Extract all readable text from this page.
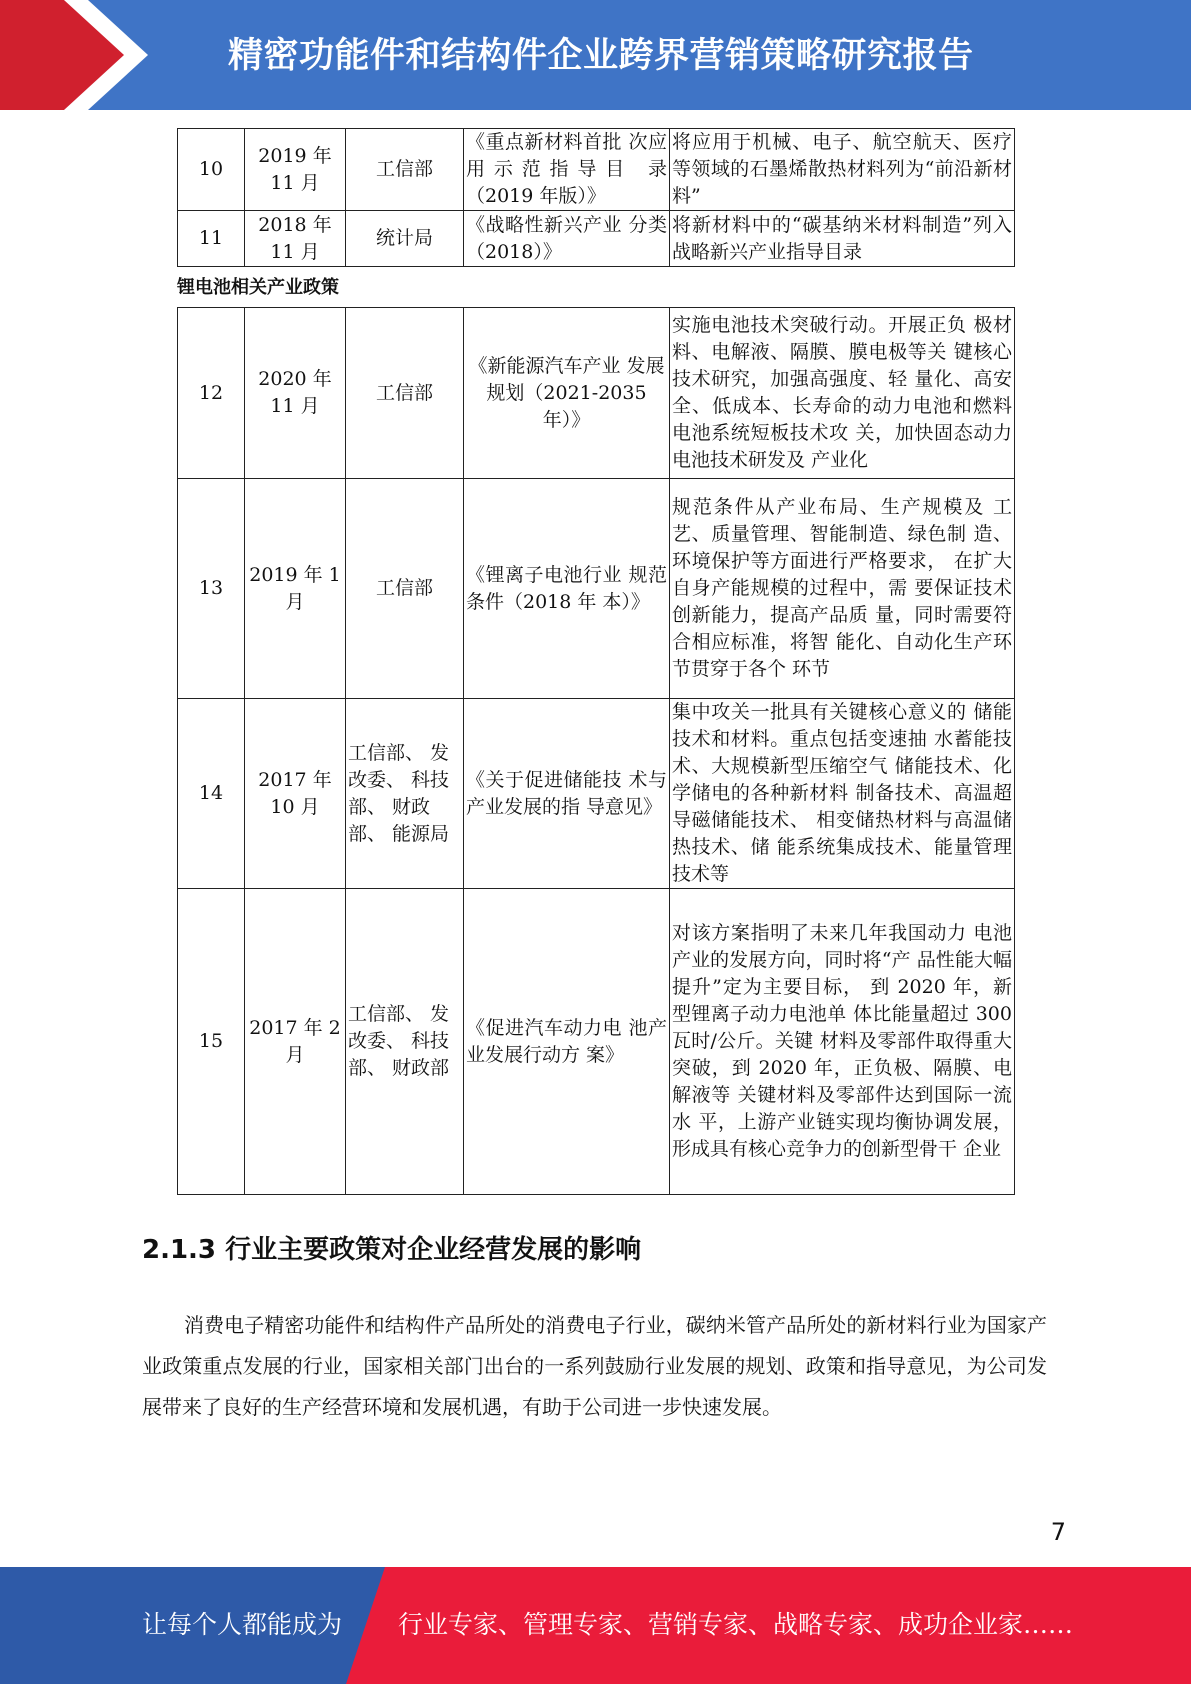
精密功能件和结构件企业跨界营销策略研究报告
10	2019 年 11 月	工信部	《重点新材料首批 次应用示范指导目 录（2019 年版）》	将应用于机械、电子、航空航天、医疗等领域的石墨烯散热材料列为“前沿新材料”
11	2018 年 11 月	统计局	《战略性新兴产业 分类（2018）》	将新材料中的“碳基纳米材料制造”列入战略新兴产业指导目录
锂电池相关产业政策
12	2020 年 11 月	工信部	《新能源汽车产业 发展规划（2021-2035 年）》	实施电池技术突破行动。开展正负 极材料、电解液、隔膜、膜电极等关 键核心技术研究，加强高强度、轻 量化、高安全、低成本、长寿命的动力电池和燃料电池系统短板技术攻 关，加快固态动力电池技术研发及 产业化
13	2019 年 1 月	工信部	《锂离子电池行业 规范条件（2018 年 本）》	规范条件从产业布局、生产规模及 工艺、质量管理、智能制造、绿色制 造、环境保护等方面进行严格要求， 在扩大自身产能规模的过程中，需 要保证技术创新能力，提高产品质 量，同时需要符合相应标准，将智 能化、自动化生产环节贯穿于各个 环节
14	2017 年 10 月	工信部、 发改委、 科技部、 财政部、 能源局	《关于促进储能技 术与产业发展的指 导意见》	集中攻关一批具有关键核心意义的 储能技术和材料。重点包括变速抽 水蓄能技术、大规模新型压缩空气 储能技术、化学储电的各种新材料 制备技术、高温超导磁储能技术、 相变储热材料与高温储热技术、储 能系统集成技术、能量管理技术等
15	2017 年 2 月	工信部、 发改委、 科技部、 财政部	《促进汽车动力电 池产业发展行动方 案》	对该方案指明了未来几年我国动力 电池产业的发展方向，同时将“产 品性能大幅提升”定为主要目标， 到 2020 年，新型锂离子动力电池单 体比能量超过 300 瓦时/公斤。关键 材料及零部件取得重大突破，到 2020 年，正负极、隔膜、电解液等 关键材料及零部件达到国际一流水 平，上游产业链实现均衡协调发展， 形成具有核心竞争力的创新型骨干 企业
2.1.3 行业主要政策对企业经营发展的影响
消费电子精密功能件和结构件产品所处的消费电子行业，碳纳米管产品所处的新材料行业为国家产业政策重点发展的行业，国家相关部门出台的一系列鼓励行业发展的规划、政策和指导意见，为公司发展带来了良好的生产经营环境和发展机遇，有助于公司进一步快速发展。
7
让每个人都能成为 行业专家、管理专家、营销专家、战略专家、成功企业家……
